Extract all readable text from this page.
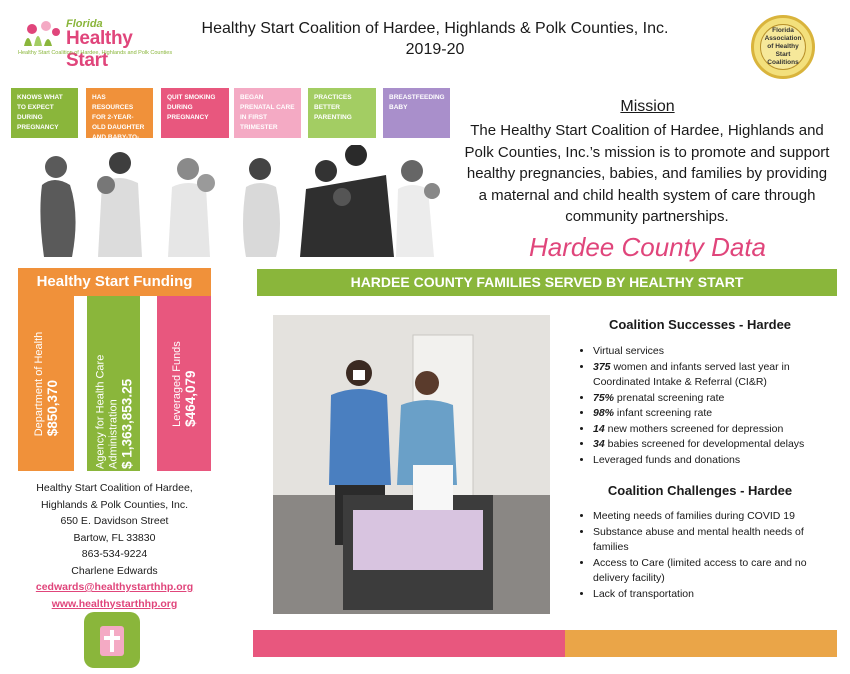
Florida
Healthy Start
Healthy Start Coalition of Hardee, Highlands and Polk Counties
Healthy Start Coalition of Hardee, Highlands & Polk Counties, Inc.
2019-20
Florida Association of Healthy Start Coalitions
KNOWS WHAT TO EXPECT DURING PREGNANCY
HAS RESOURCES FOR 2-YEAR-OLD DAUGHTER AND BABY-TO-BE
QUIT SMOKING DURING PREGNANCY
BEGAN PRENATAL CARE IN FIRST TRIMESTER
PRACTICES BETTER PARENTING
BREASTFEEDING BABY	Mission
The Healthy Start Coalition of Hardee, Highlands and Polk Counties, Inc.’s mission is to promote and support healthy pregnancies, babies, and families by providing a maternal and child health system of care through community partnerships.
Hardee County Data
Healthy Start Funding
Department of Health $850,370	Agency for Health Care Administration $ 1,363,853.25	Leveraged Funds $464,079
Healthy Start Coalition of Hardee,
Highlands & Polk Counties, Inc.
650 E. Davidson Street
Bartow, FL 33830
863-534-9224
Charlene Edwards
cedwards@healthystarthhp.org
www.healthystarthhp.org
HARDEE COUNTY FAMILIES SERVED BY HEALTHY START
Coalition Successes - Hardee
• Virtual services
• 375 women and infants served last year in Coordinated Intake & Referral (CI&R)
• 75% prenatal screening rate
• 98% infant screening rate
• 14 new mothers screened for depression
• 34 babies screened for developmental delays
• Leveraged funds and donations
Coalition Challenges - Hardee
• Meeting needs of families during COVID 19
• Substance abuse and mental health needs of families
• Access to Care (limited access to care and no delivery facility)
• Lack of transportation
